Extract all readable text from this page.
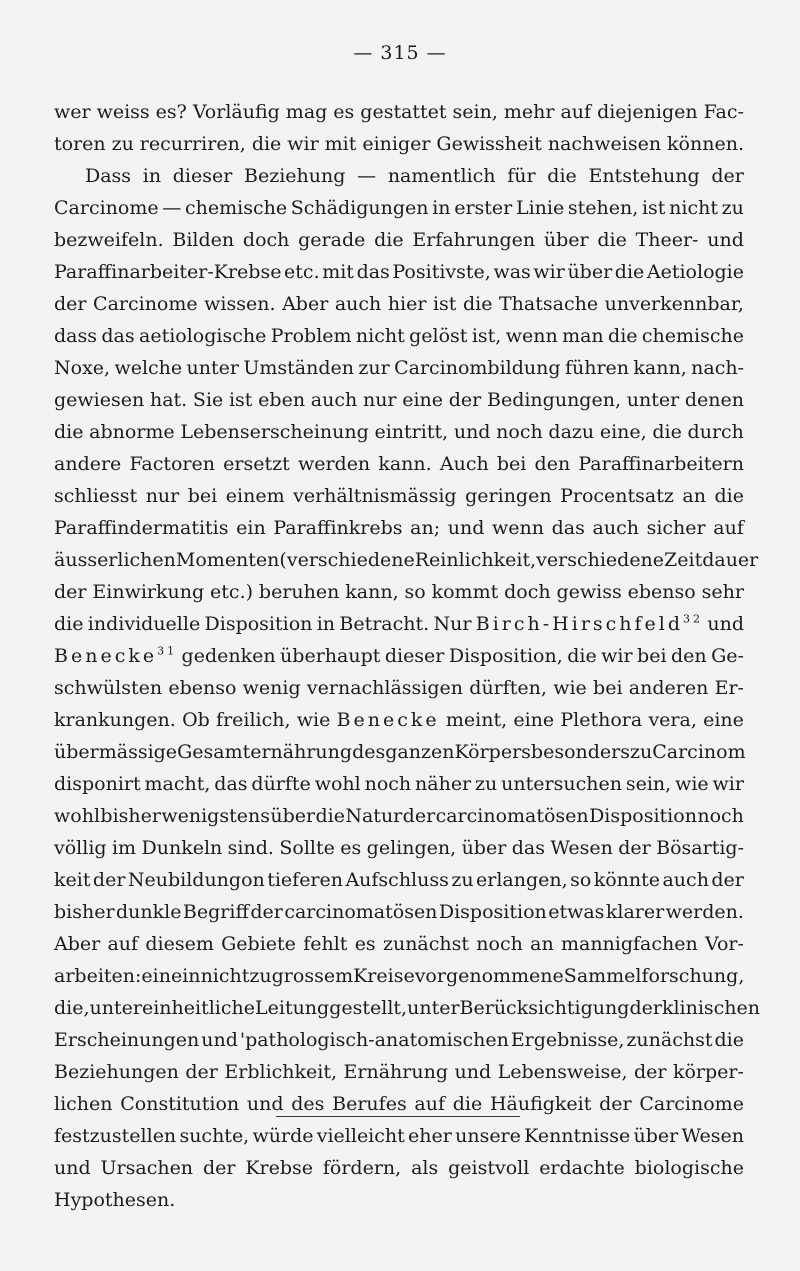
— 315 —
wer weiss es? Vorläufig mag es gestattet sein, mehr auf diejenigen Fac-
toren zu recurriren, die wir mit einiger Gewissheit nachweisen können.
Dass in dieser Beziehung — namentlich für die Entstehung der
Carcinome — chemische Schädigungen in erster Linie stehen, ist nicht zu
bezweifeln. Bilden doch gerade die Erfahrungen über die Theer- und
Paraffinarbeiter-Krebse etc. mit das Positivste, was wir über die Aetiologie
der Carcinome wissen. Aber auch hier ist die Thatsache unverkennbar,
dass das aetiologische Problem nicht gelöst ist, wenn man die chemische
Noxe, welche unter Umständen zur Carcinombildung führen kann, nach-
gewiesen hat. Sie ist eben auch nur eine der Bedingungen, unter denen
die abnorme Lebenserscheinung eintritt, und noch dazu eine, die durch
andere Factoren ersetzt werden kann. Auch bei den Paraffinarbeitern
schliesst nur bei einem verhältnismässig geringen Procentsatz an die
Paraffindermatitis ein Paraffinkrebs an; und wenn das auch sicher auf
äusserlichen Momenten (verschiedene Reinlichkeit, verschiedene Zeitdauer
der Einwirkung etc.) beruhen kann, so kommt doch gewiss ebenso sehr
die individuelle Disposition in Betracht. Nur Birch-Hirschfeld$^{32}$ und
Benecke$^{31}$ gedenken überhaupt dieser Disposition, die wir bei den Ge-
schwülsten ebenso wenig vernachlässigen dürften, wie bei anderen Er-
krankungen. Ob freilich, wie Benecke meint, eine Plethora vera, eine
übermässige Gesamternährung des ganzen Körpers besonders zu Carcinom
disponirt macht, das dürfte wohl noch näher zu untersuchen sein, wie wir
wohl bisher wenigstens über die Natur der carcinomatösen Disposition noch
völlig im Dunkeln sind. Sollte es gelingen, über das Wesen der Bösartig-
keit der Neubildungon tieferen Aufschluss zu erlangen, so könnte auch der
bisher dunkle Begriff der carcinomatösen Disposition etwas klarer werden.
Aber auf diesem Gebiete fehlt es zunächst noch an mannigfachen Vor-
arbeiten: eine in nicht zu grossem Kreise vorgenommene Sammelforschung,
die, unter einheitliche Leitung gestellt, unter Berücksichtigung der klinischen
Erscheinungen und 'pathologisch-anatomischen Ergebnisse, zunächst die
Beziehungen der Erblichkeit, Ernährung und Lebensweise, der körper-
lichen Constitution und des Berufes auf die Häufigkeit der Carcinome
festzustellen suchte, würde vielleicht eher unsere Kenntnisse über Wesen
und Ursachen der Krebse fördern, als geistvoll erdachte biologische
Hypothesen.
